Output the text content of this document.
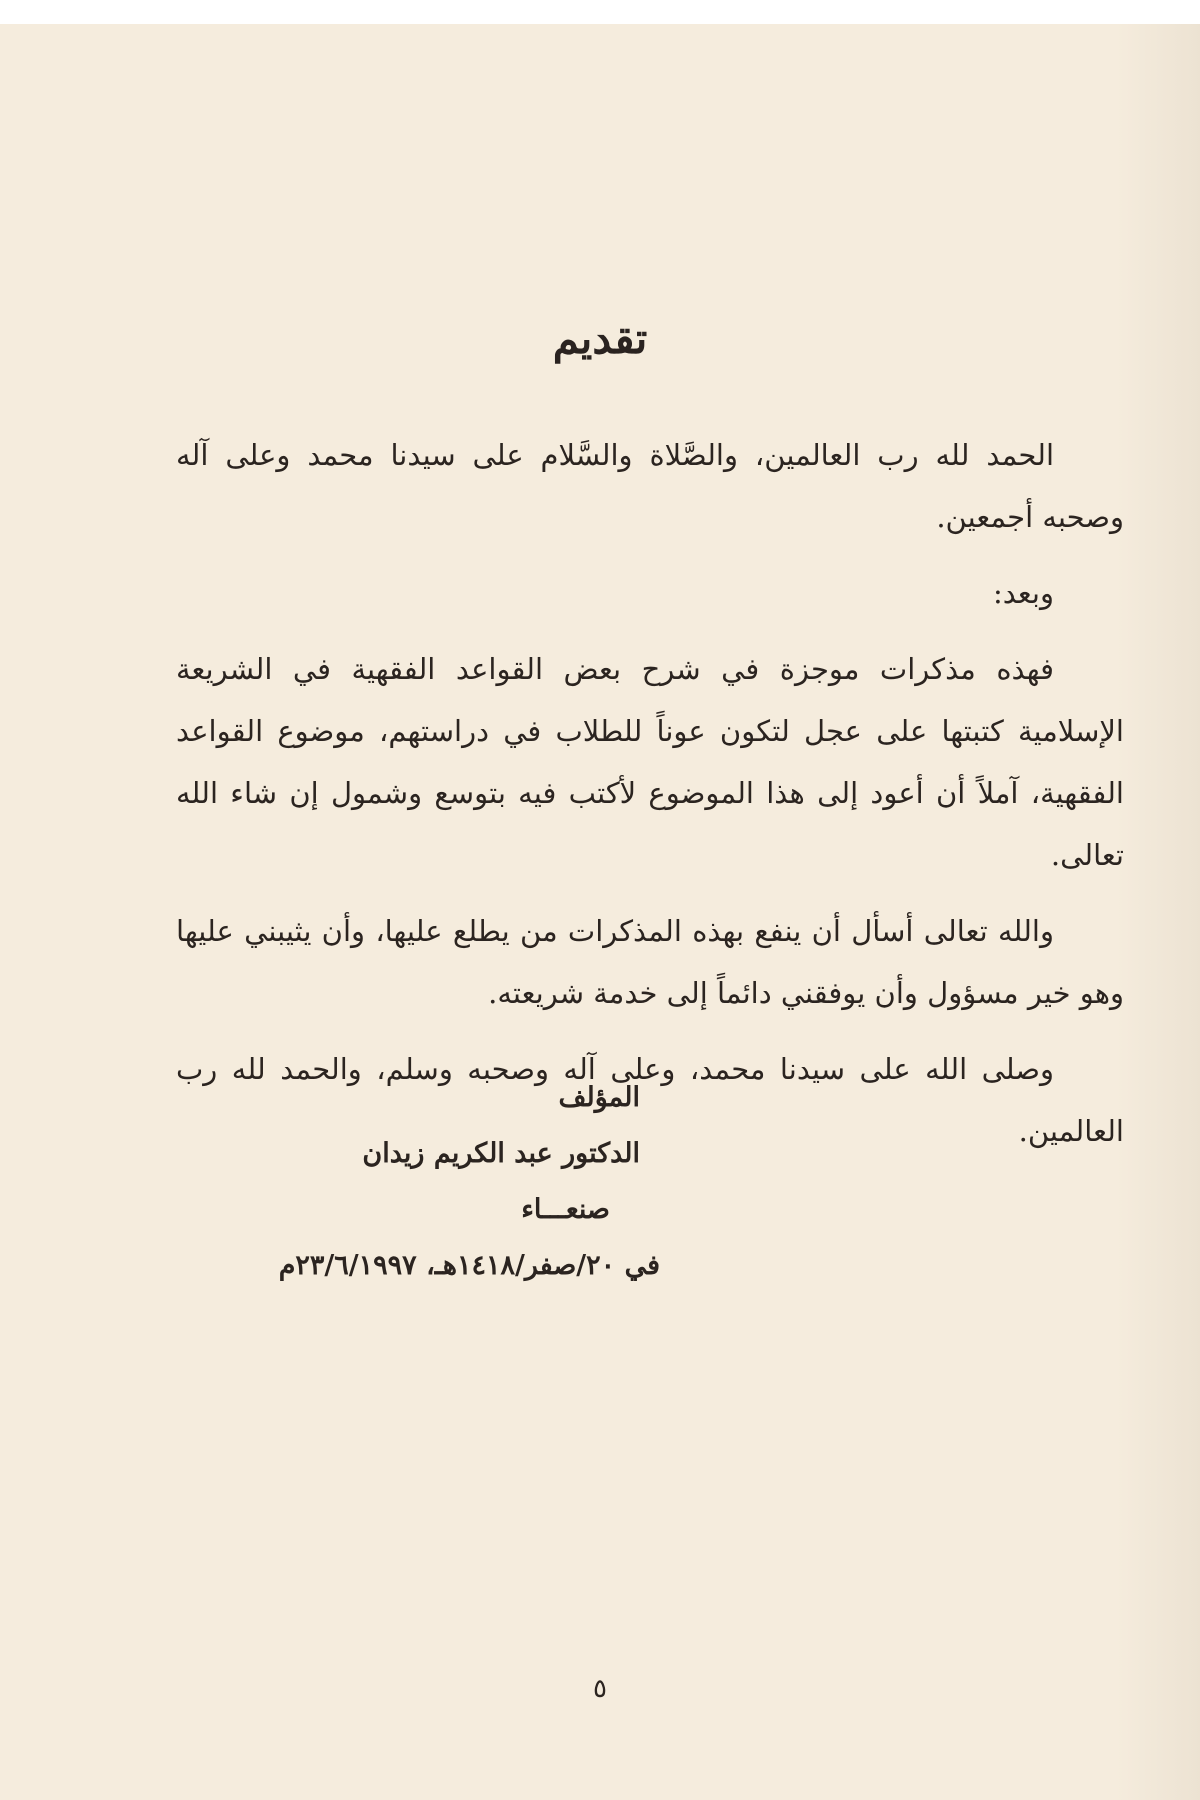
تقديم

الحمد لله رب العالمين، والصَّلاة والسَّلام على سيدنا محمد وعلى آله وصحبه أجمعين.

وبعد:

فهذه مذكرات موجزة في شرح بعض القواعد الفقهية في الشريعة الإسلامية كتبتها على عجل لتكون عوناً للطلاب في دراستهم، موضوع القواعد الفقهية، آملاً أن أعود إلى هذا الموضوع لأكتب فيه بتوسع وشمول إن شاء الله تعالى.

والله تعالى أسأل أن ينفع بهذه المذكرات من يطلع عليها، وأن يثيبني عليها وهو خير مسؤول وأن يوفقني دائماً إلى خدمة شريعته.

وصلى الله على سيدنا محمد، وعلى آله وصحبه وسلم، والحمد لله رب العالمين.

المؤلف
الدكتور عبد الكريم زيدان
صنعـــاء
في ٢٠/صفر/١٤١٨هـ، ٢٣/٦/١٩٩٧م
٥
